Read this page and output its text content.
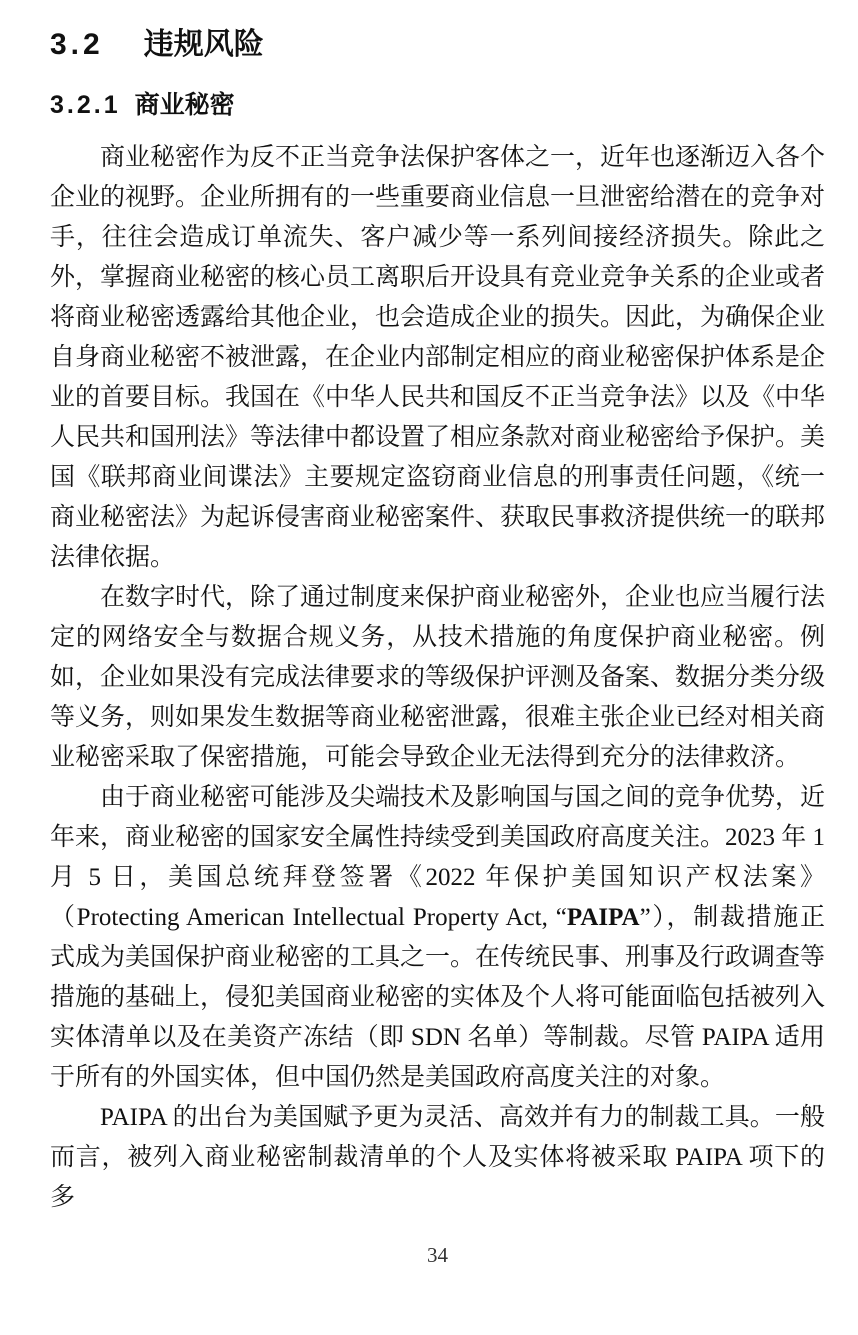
3.2 违规风险
3.2.1 商业秘密

商业秘密作为反不正当竞争法保护客体之一，近年也逐渐迈入各个企业的视野。企业所拥有的一些重要商业信息一旦泄密给潜在的竞争对手，往往会造成订单流失、客户减少等一系列间接经济损失。除此之外，掌握商业秘密的核心员工离职后开设具有竞业竞争关系的企业或者将商业秘密透露给其他企业，也会造成企业的损失。因此，为确保企业自身商业秘密不被泄露，在企业内部制定相应的商业秘密保护体系是企业的首要目标。我国在《中华人民共和国反不正当竞争法》以及《中华人民共和国刑法》等法律中都设置了相应条款对商业秘密给予保护。美国《联邦商业间谍法》主要规定盗窃商业信息的刑事责任问题，《统一商业秘密法》为起诉侵害商业秘密案件、获取民事救济提供统一的联邦法律依据。

在数字时代，除了通过制度来保护商业秘密外，企业也应当履行法定的网络安全与数据合规义务，从技术措施的角度保护商业秘密。例如，企业如果没有完成法律要求的等级保护评测及备案、数据分类分级等义务，则如果发生数据等商业秘密泄露，很难主张企业已经对相关商业秘密采取了保密措施，可能会导致企业无法得到充分的法律救济。

由于商业秘密可能涉及尖端技术及影响国与国之间的竞争优势，近年来，商业秘密的国家安全属性持续受到美国政府高度关注。2023 年 1 月 5 日，美国总统拜登签署《2022 年保护美国知识产权法案》（Protecting American Intellectual Property Act, “PAIPA”），制裁措施正式成为美国保护商业秘密的工具之一。在传统民事、刑事及行政调查等措施的基础上，侵犯美国商业秘密的实体及个人将可能面临包括被列入实体清单以及在美资产冻结（即 SDN 名单）等制裁。尽管 PAIPA 适用于所有的外国实体，但中国仍然是美国政府高度关注的对象。

PAIPA 的出台为美国赋予更为灵活、高效并有力的制裁工具。一般而言，被列入商业秘密制裁清单的个人及实体将被采取 PAIPA 项下的多

34
